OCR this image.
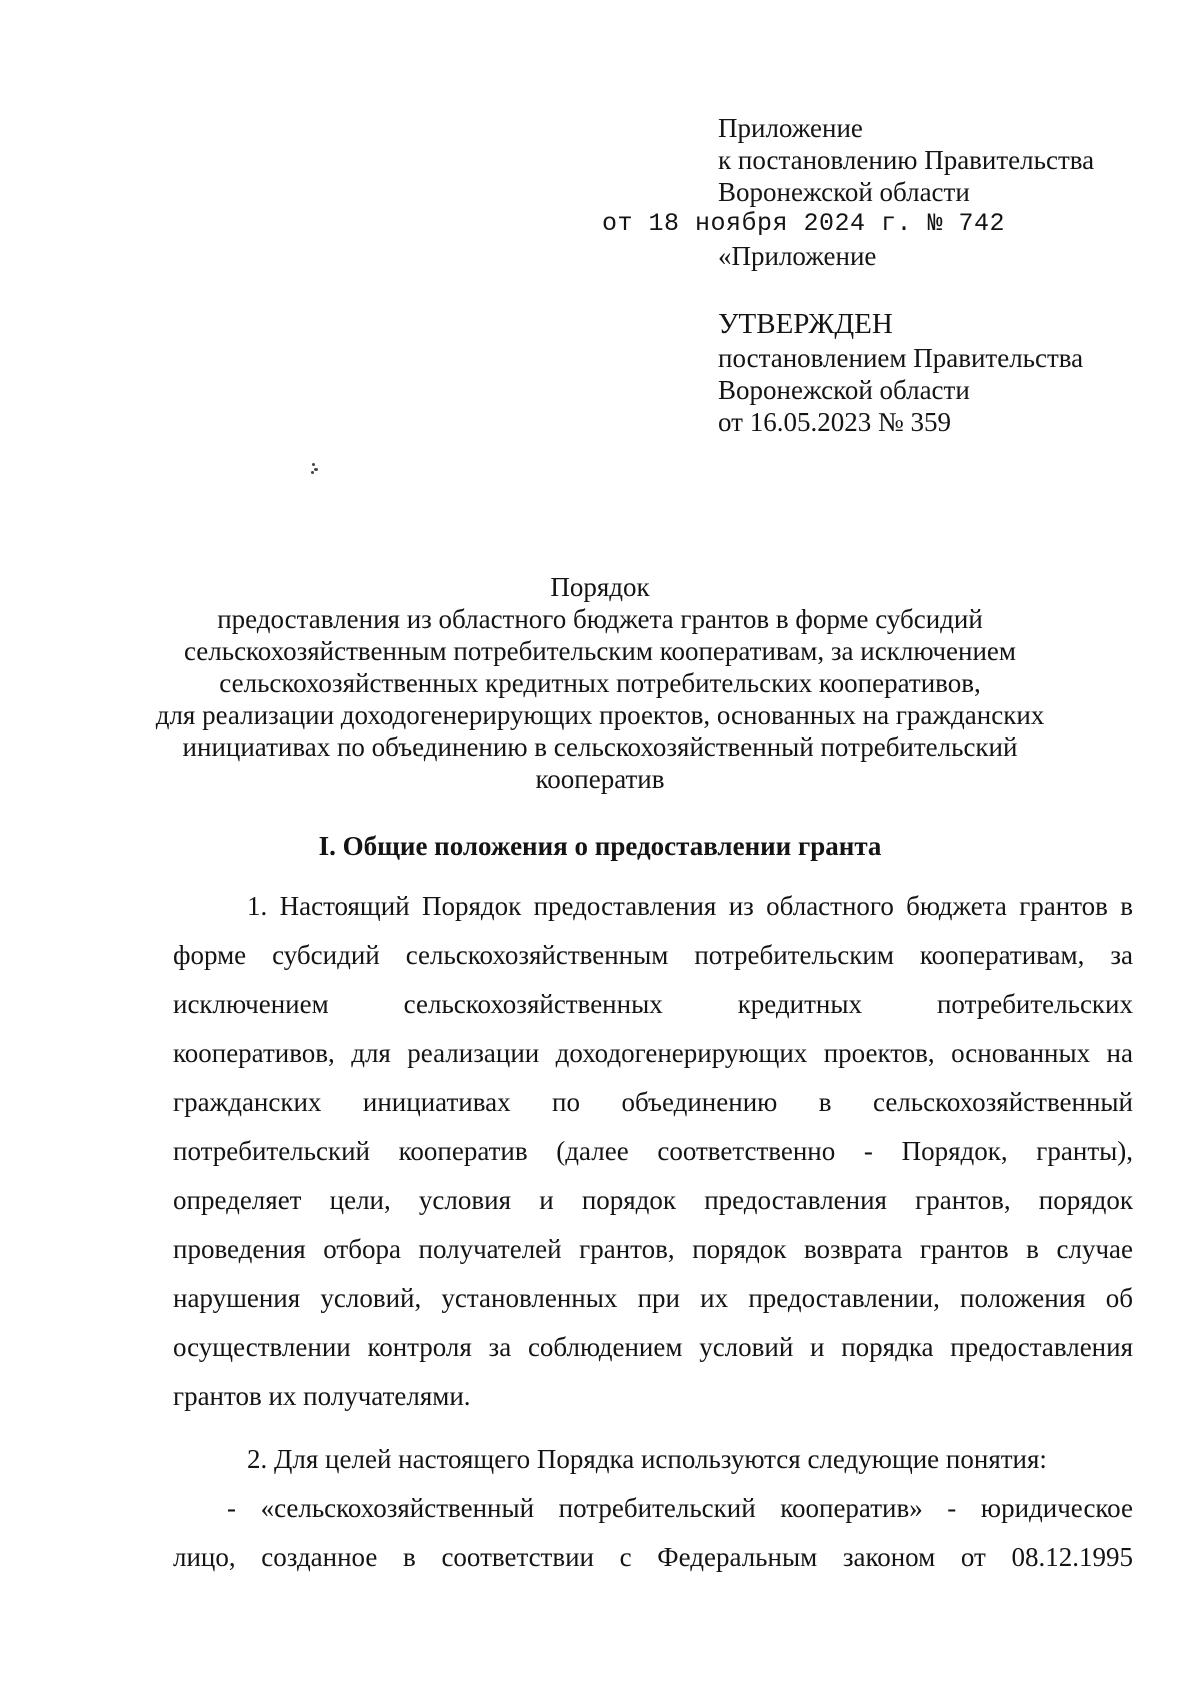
Приложение
к постановлению Правительства
Воронежской области
от 18 ноября 2024 г. № 742
«Приложение
УТВЕРЖДЕН
постановлением Правительства
Воронежской области
от 16.05.2023 № 359
Порядок
предоставления из областного бюджета грантов в форме субсидий
сельскохозяйственным потребительским кооперативам, за исключением
сельскохозяйственных кредитных потребительских кооперативов,
для реализации доходогенерирующих проектов, основанных на гражданских
инициативах по объединению в сельскохозяйственный потребительский
кооператив
I. Общие положения о предоставлении гранта
1. Настоящий Порядок предоставления из областного бюджета грантов в
форме субсидий сельскохозяйственным потребительским кооперативам, за
исключением сельскохозяйственных кредитных потребительских
кооперативов, для реализации доходогенерирующих проектов, основанных на
гражданских инициативах по объединению в сельскохозяйственный
потребительский кооператив (далее соответственно - Порядок, гранты),
определяет цели, условия и порядок предоставления грантов, порядок
проведения отбора получателей грантов, порядок возврата грантов в случае
нарушения условий, установленных при их предоставлении, положения об
осуществлении контроля за соблюдением условий и порядка предоставления
грантов их получателями.
2. Для целей настоящего Порядка используются следующие понятия:
- «сельскохозяйственный потребительский кооператив» - юридическое
лицо, созданное в соответствии с Федеральным законом от 08.12.1995
